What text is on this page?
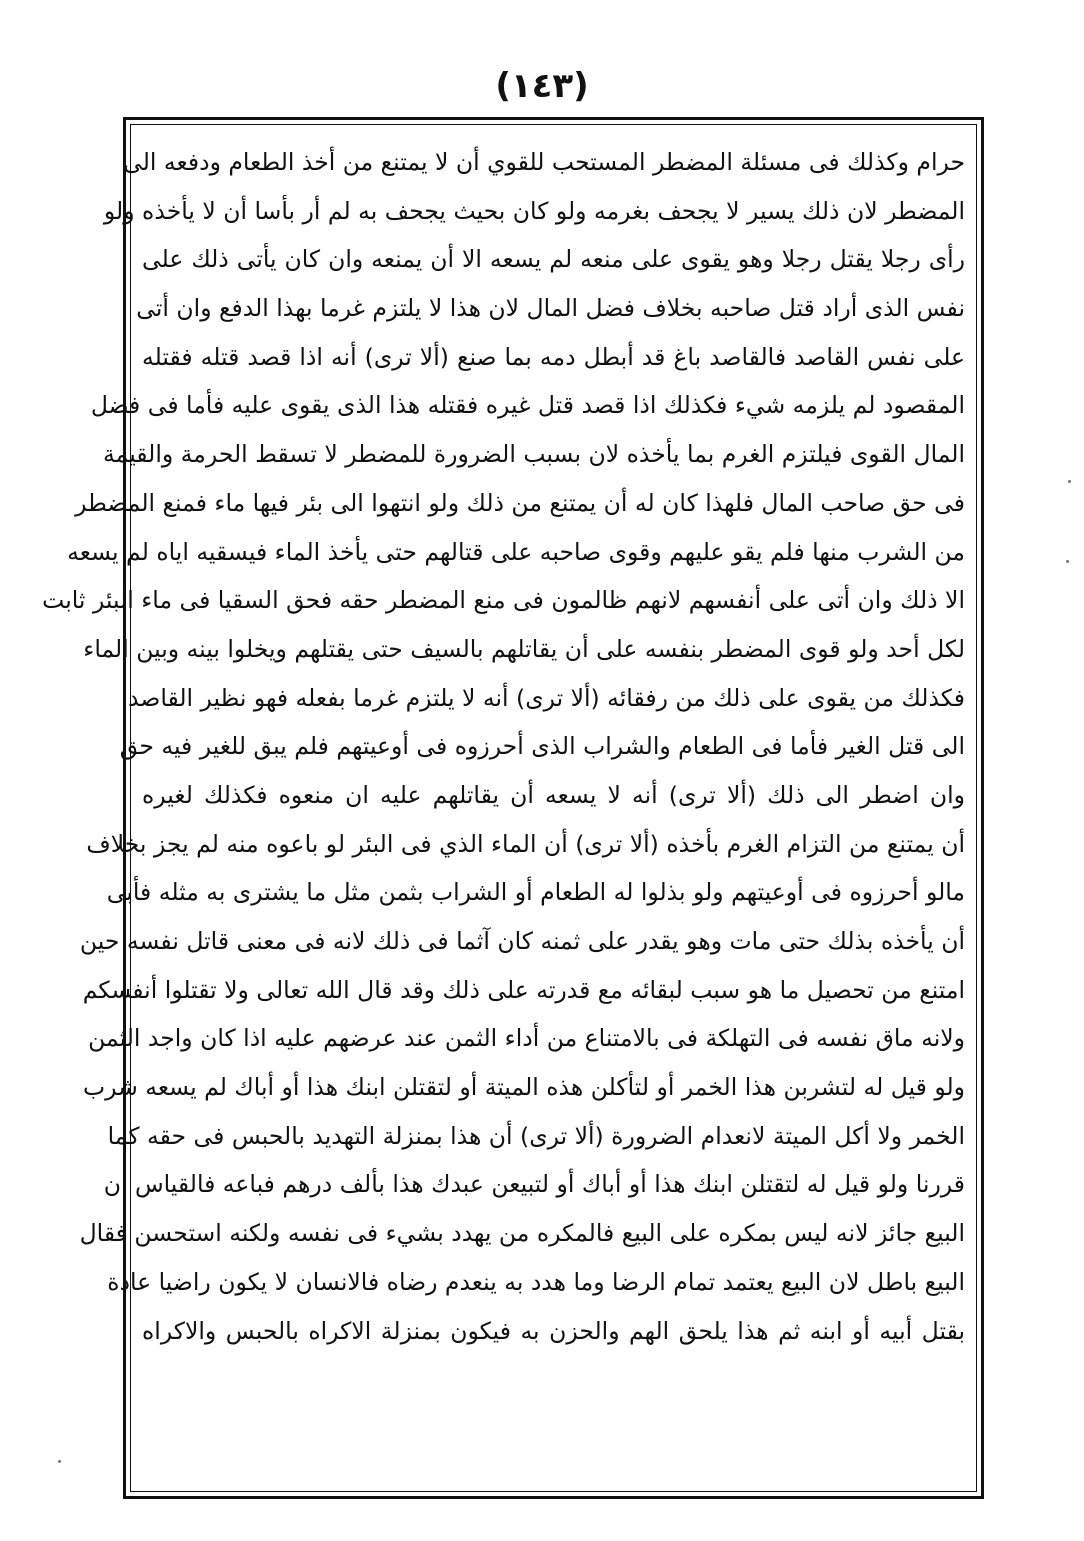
(١٤٣)
حرام وكذلك فى مسئلة المضطر المستحب للقوي أن لا يمتنع من أخذ الطعام ودفعه الى
المضطر لان ذلك يسير لا يجحف بغرمه ولو كان بحيث يجحف به لم أر بأسا أن لا يأخذه ولو
رأى رجلا يقتل رجلا وهو يقوى على منعه لم يسعه الا أن يمنعه وان كان يأتى ذلك على
نفس الذى أراد قتل صاحبه بخلاف فضل المال لان هذا لا يلتزم غرما بهذا الدفع وان أتى
على نفس القاصد فالقاصد باغ قد أبطل دمه بما صنع (ألا ترى) أنه اذا قصد قتله فقتله
المقصود لم يلزمه شيء فكذلك اذا قصد قتل غيره فقتله هذا الذى يقوى عليه فأما فى فضل
المال القوى فيلتزم الغرم بما يأخذه لان بسبب الضرورة للمضطر لا تسقط الحرمة والقيمة
فى حق صاحب المال فلهذا كان له أن يمتنع من ذلك ولو انتهوا الى بئر فيها ماء فمنع المضطر
من الشرب منها فلم يقو عليهم وقوى صاحبه على قتالهم حتى يأخذ الماء فيسقيه اياه لم يسعه
الا ذلك وان أتى على أنفسهم لانهم ظالمون فى منع المضطر حقه فحق السقيا فى ماء البئر ثابت
لكل أحد ولو قوى المضطر بنفسه على أن يقاتلهم بالسيف حتى يقتلهم ويخلوا بينه وبين الماء
فكذلك من يقوى على ذلك من رفقائه (ألا ترى) أنه لا يلتزم غرما بفعله فهو نظير القاصد
الى قتل الغير فأما فى الطعام والشراب الذى أحرزوه فى أوعيتهم فلم يبق للغير فيه حق
وان اضطر الى ذلك (ألا ترى) أنه لا يسعه أن يقاتلهم عليه ان منعوه فكذلك لغيره
أن يمتنع من التزام الغرم بأخذه (ألا ترى) أن الماء الذي فى البئر لو باعوه منه لم يجز بخلاف
مالو أحرزوه فى أوعيتهم ولو بذلوا له الطعام أو الشراب بثمن مثل ما يشترى به مثله فأبى
أن يأخذه بذلك حتى مات وهو يقدر على ثمنه كان آثما فى ذلك لانه فى معنى قاتل نفسه حين
امتنع من تحصيل ما هو سبب لبقائه مع قدرته على ذلك وقد قال الله تعالى ولا تقتلوا أنفسكم
ولانه ماق نفسه فى التهلكة فى بالامتناع من أداء الثمن عند عرضهم عليه اذا كان واجد الثمن
ولو قيل له لتشربن هذا الخمر أو لتأكلن هذه الميتة أو لتقتلن ابنك هذا أو أباك لم يسعه شرب
الخمر ولا أكل الميتة لانعدام الضرورة (ألا ترى) أن هذا بمنزلة التهديد بالحبس فى حقه كما
قررنا ولو قيل له لتقتلن ابنك هذا أو أباك أو لتبيعن عبدك هذا بألف درهم فباعه فالقياس ان
البيع جائز لانه ليس بمكره على البيع فالمكره من يهدد بشيء فى نفسه ولكنه استحسن فقال
البيع باطل لان البيع يعتمد تمام الرضا وما هدد به ينعدم رضاه فالانسان لا يكون راضيا عادة
بقتل أبيه أو ابنه ثم هذا يلحق الهم والحزن به فيكون بمنزلة الاكراه بالحبس والاكراه
